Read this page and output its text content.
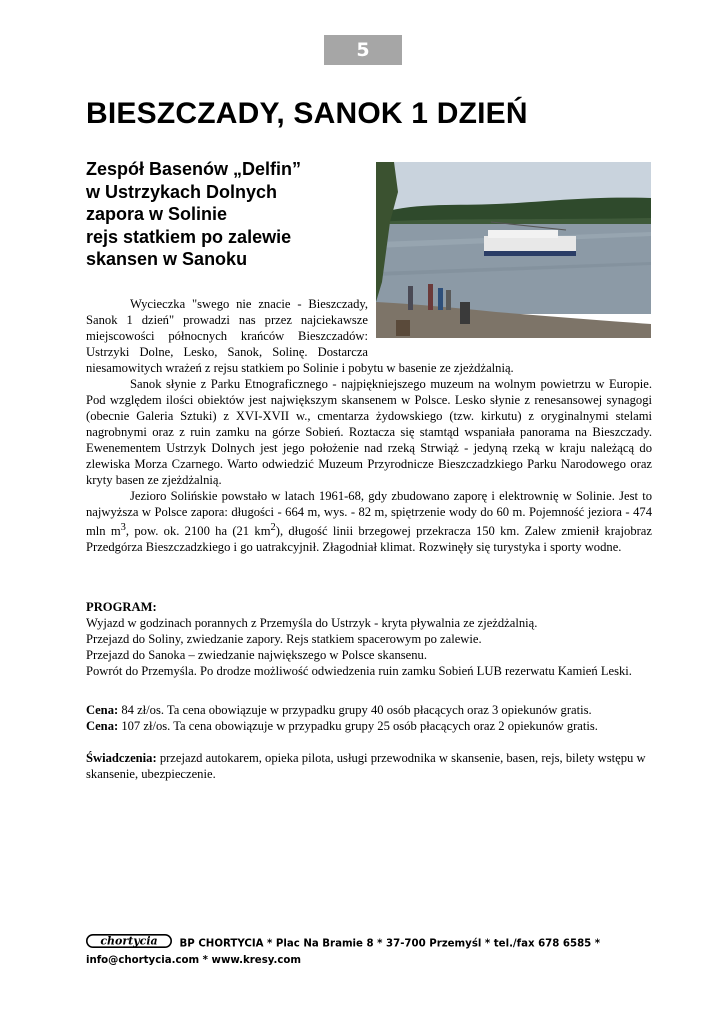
5
BIESZCZADY, SANOK 1 DZIEŃ
Zespół Basenów „Delfin”
w Ustrzykach Dolnych
zapora w Solinie
rejs statkiem po zalewie
skansen w Sanoku

Wycieczka "swego nie znacie - Bieszczady, Sanok 1 dzień" prowadzi nas przez najciekawsze miejscowości północnych krańców Bieszczadów: Ustrzyki Dolne, Lesko, Sanok, Solinę. Dostarcza niesamowitych wrażeń z rejsu statkiem po Solinie i pobytu w basenie ze zjeżdżalnią.

Sanok słynie z Parku Etnograficznego - najpiękniejszego muzeum na wolnym powietrzu w Europie. Pod względem ilości obiektów jest największym skansenem w Polsce. Lesko słynie z renesansowej synagogi (obecnie Galeria Sztuki) z XVI-XVII w., cmentarza żydowskiego (tzw. kirkutu) z oryginalnymi stelami nagrobnymi oraz z ruin zamku na górze Sobień. Roztacza się stamtąd wspaniała panorama na Bieszczady. Ewenementem Ustrzyk Dolnych jest jego położenie nad rzeką Strwiąż - jedyną rzeką w kraju należącą do zlewiska Morza Czarnego. Warto odwiedzić Muzeum Przyrodnicze Bieszczadzkiego Parku Narodowego oraz kryty basen ze zjeżdżalnią.

Jezioro Solińskie powstało w latach 1961-68, gdy zbudowano zaporę i elektrownię w Solinie. Jest to najwyższa w Polsce zapora: długości - 664 m, wys. - 82 m, spiętrzenie wody do 60 m. Pojemność jeziora - 474 mln $m^3$, pow. ok. 2100 ha (21 $km^2$), długość linii brzegowej przekracza 150 km. Zalew zmienił krajobraz Przedgórza Bieszczadzkiego i go uatrakcyjnił. Złagodniał klimat. Rozwinęły się turystyka i sporty wodne.

PROGRAM:

Wyjazd w godzinach porannych z Przemyśla do Ustrzyk - kryta pływalnia ze zjeżdżalnią.

Przejazd do Soliny, zwiedzanie zapory. Rejs statkiem spacerowym po zalewie.

Przejazd do Sanoka – zwiedzanie największego w Polsce skansenu.

Powrót do Przemyśla. Po drodze możliwość odwiedzenia ruin zamku Sobień LUB rezerwatu Kamień Leski.

Cena: 84 zł/os. Ta cena obowiązuje w przypadku grupy 40 osób płacących oraz 3 opiekunów gratis.

Cena: 107 zł/os. Ta cena obowiązuje w przypadku grupy 25 osób płacących oraz 2 opiekunów gratis.

Świadczenia: przejazd autokarem, opieka pilota, usługi przewodnika w skansenie, basen, rejs, bilety wstępu w skansenie, ubezpieczenie.

chortycia BP CHORTYCIA * Plac Na Bramie 8 * 37-700 Przemyśl * tel./fax 678 6585 * info@chortycia.com * www.kresy.com
